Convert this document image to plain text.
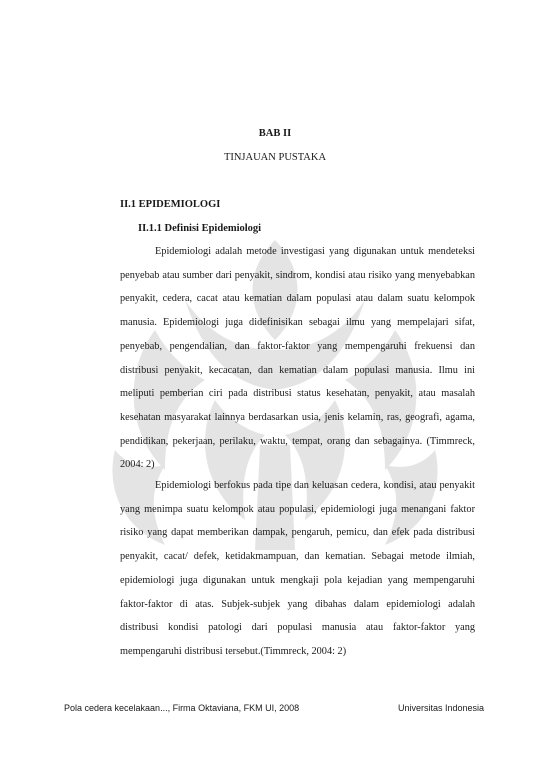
BAB II

TINJAUAN PUSTAKA

II.1 EPIDEMIOLOGI

II.1.1 Definisi Epidemiologi

Epidemiologi adalah metode investigasi yang digunakan untuk mendeteksi penyebab atau sumber dari penyakit, sindrom, kondisi atau risiko yang menyebabkan penyakit, cedera, cacat atau kematian dalam populasi atau dalam suatu kelompok manusia. Epidemiologi juga didefinisikan sebagai ilmu yang mempelajari sifat, penyebab, pengendalian, dan faktor-faktor yang mempengaruhi frekuensi dan distribusi penyakit, kecacatan, dan kematian dalam populasi manusia. Ilmu ini meliputi pemberian ciri pada distribusi status kesehatan, penyakit, atau masalah kesehatan masyarakat lainnya berdasarkan usia, jenis kelamin, ras, geografi, agama, pendidikan, pekerjaan, perilaku, waktu, tempat, orang dan sebagainya. (Timmreck, 2004: 2)

Epidemiologi berfokus pada tipe dan keluasan cedera, kondisi, atau penyakit yang menimpa suatu kelompok atau populasi, epidemiologi juga menangani faktor risiko yang dapat memberikan dampak, pengaruh, pemicu, dan efek pada distribusi penyakit, cacat/ defek, ketidakmampuan, dan kematian. Sebagai metode ilmiah, epidemiologi juga digunakan untuk mengkaji pola kejadian yang mempengaruhi faktor-faktor di atas. Subjek-subjek yang dibahas dalam epidemiologi adalah distribusi kondisi patologi dari populasi manusia atau faktor-faktor yang mempengaruhi distribusi tersebut.(Timmreck, 2004: 2)

Pola cedera kecelakaan..., Firma Oktaviana, FKM UI, 2008	Universitas Indonesia
